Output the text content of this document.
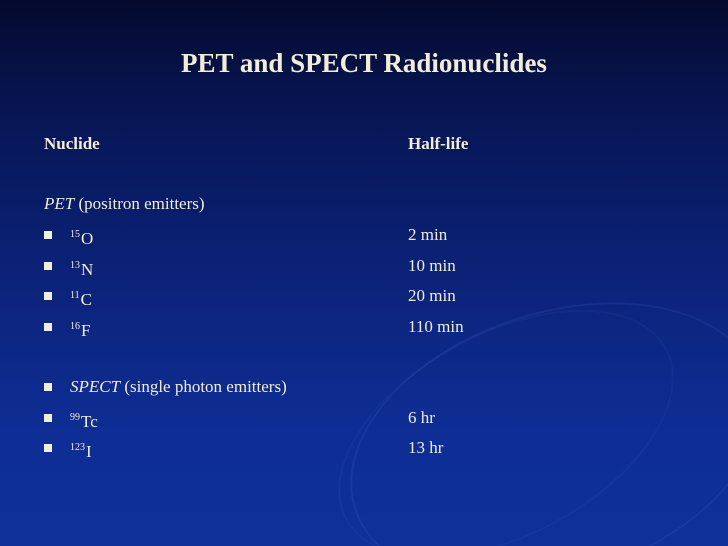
PET and SPECT Radionuclides
Nuclide	Half-life
PET (positron emitters)
$^{15}$O	2 min
$^{13}$N	10 min
$^{11}$C	20 min
$^{16}$F	110 min
SPECT (single photon emitters)
$^{99}$Tc	6 hr
$^{123}$I	13 hr
